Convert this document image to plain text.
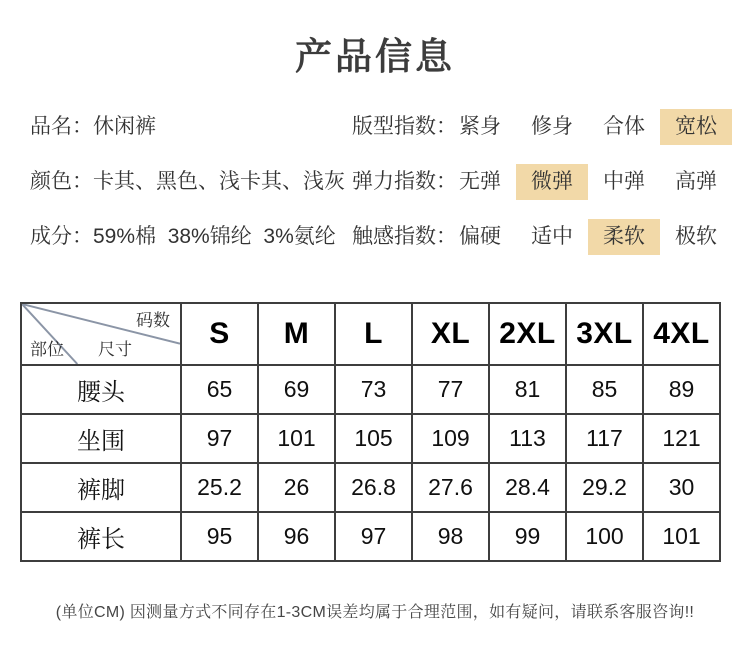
产品信息
品名：休闲裤	版型指数： 紧身	修身	合体	宽松
颜色：卡其、黑色、浅卡其、浅灰 弹力指数： 无弹	微弹	中弹	高弹
成分：59%棉  38%锦纶  3%氨纶 触感指数： 偏硬	适中	柔软	极软
码数
部位 尺寸	S	M	L	XL	2XL	3XL	4XL
腰头	65	69	73	77	81	85	89
坐围	97	101	105	109	113	117	121
裤脚	25.2	26	26.8	27.6	28.4	29.2	30
裤长	95	96	97	98	99	100	101
(单位CM) 因测量方式不同存在1-3CM误差均属于合理范围，如有疑问，请联系客服咨询!!
